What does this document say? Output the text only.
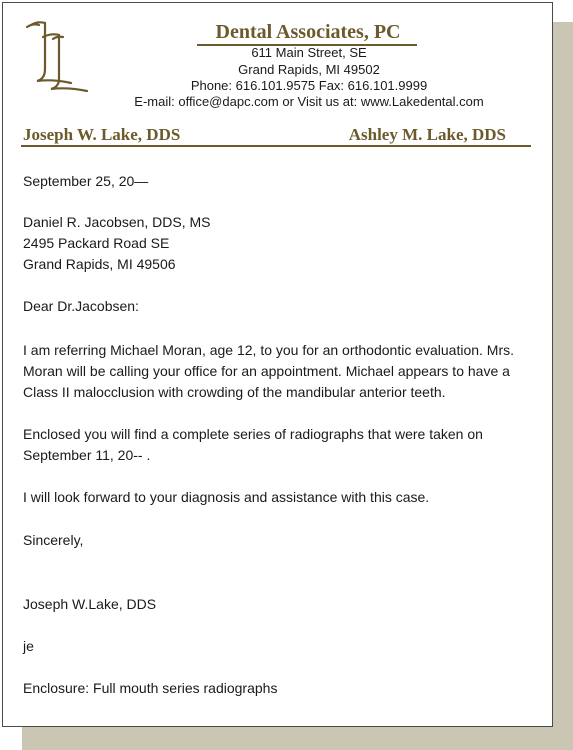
Dental Associates, PC
611 Main Street, SE
Grand Rapids, MI 49502
Phone: 616.101.9575 Fax: 616.101.9999
E-mail: office@dapc.com or Visit us at: www.Lakedental.com
Joseph W. Lake, DDS	Ashley M. Lake, DDS
September 25, 20—
Daniel R. Jacobsen, DDS, MS
2495 Packard Road SE
Grand Rapids, MI 49506
Dear Dr.Jacobsen:
I am referring Michael Moran, age 12, to you for an orthodontic evaluation. Mrs. Moran will be calling your office for an appointment. Michael appears to have a Class II malocclusion with crowding of the mandibular anterior teeth.
Enclosed you will find a complete series of radiographs that were taken on September 11, 20-- .
I will look forward to your diagnosis and assistance with this case.
Sincerely,
Joseph W.Lake, DDS
je
Enclosure: Full mouth series radiographs
